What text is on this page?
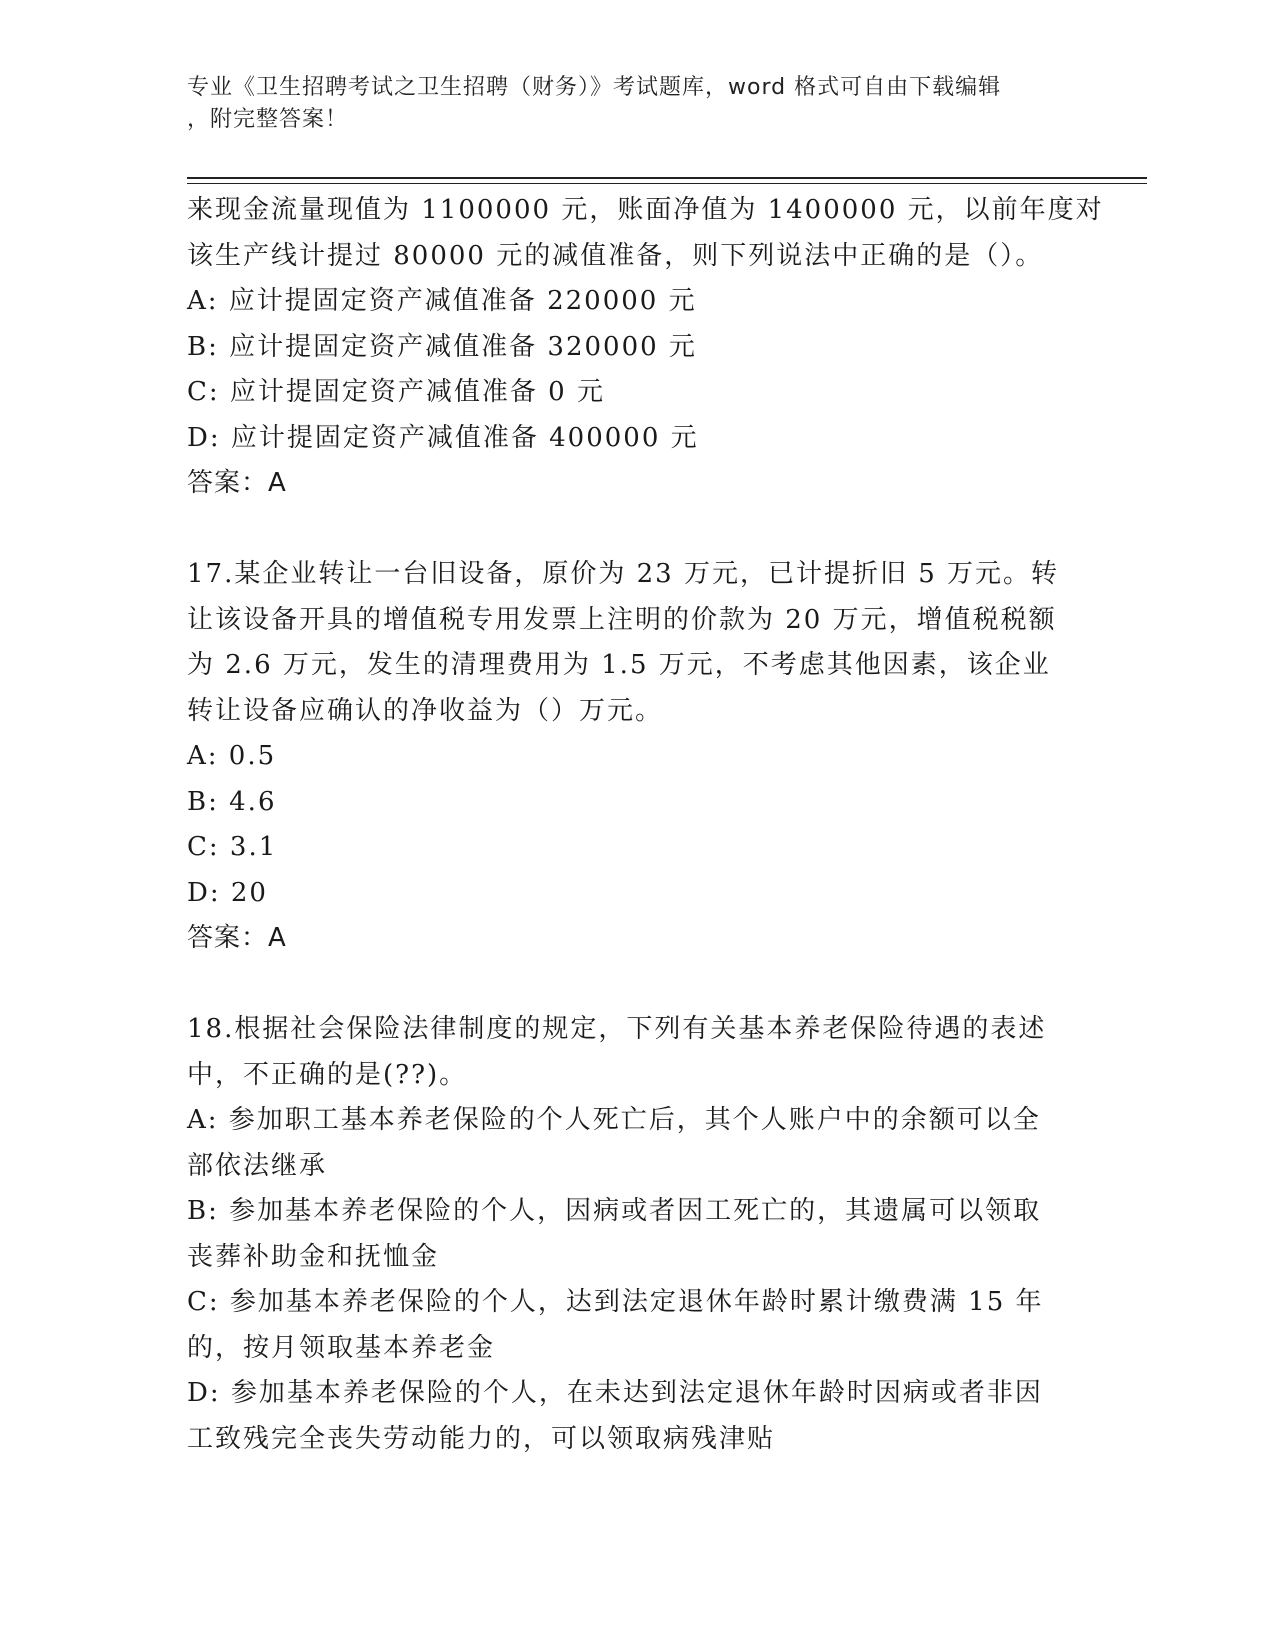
专业《卫生招聘考试之卫生招聘（财务）》考试题库，word 格式可自由下载编辑
，附完整答案！
来现金流量现值为 1100000 元，账面净值为 1400000 元，以前年度对
该生产线计提过 80000 元的减值准备，则下列说法中正确的是（）。
A: 应计提固定资产减值准备 220000 元
B: 应计提固定资产减值准备 320000 元
C: 应计提固定资产减值准备 0 元
D: 应计提固定资产减值准备 400000 元
答案：A
17.某企业转让一台旧设备，原价为 23 万元，已计提折旧 5 万元。转
让该设备开具的增值税专用发票上注明的价款为 20 万元，增值税税额
为 2.6 万元，发生的清理费用为 1.5 万元，不考虑其他因素，该企业
转让设备应确认的净收益为（）万元。
A: 0.5
B: 4.6
C: 3.1
D: 20
答案：A
18.根据社会保险法律制度的规定，下列有关基本养老保险待遇的表述
中，不正确的是(??)。
A: 参加职工基本养老保险的个人死亡后，其个人账户中的余额可以全
部依法继承
B: 参加基本养老保险的个人，因病或者因工死亡的，其遗属可以领取
丧葬补助金和抚恤金
C: 参加基本养老保险的个人，达到法定退休年龄时累计缴费满 15 年
的，按月领取基本养老金
D: 参加基本养老保险的个人，在未达到法定退休年龄时因病或者非因
工致残完全丧失劳动能力的，可以领取病残津贴
